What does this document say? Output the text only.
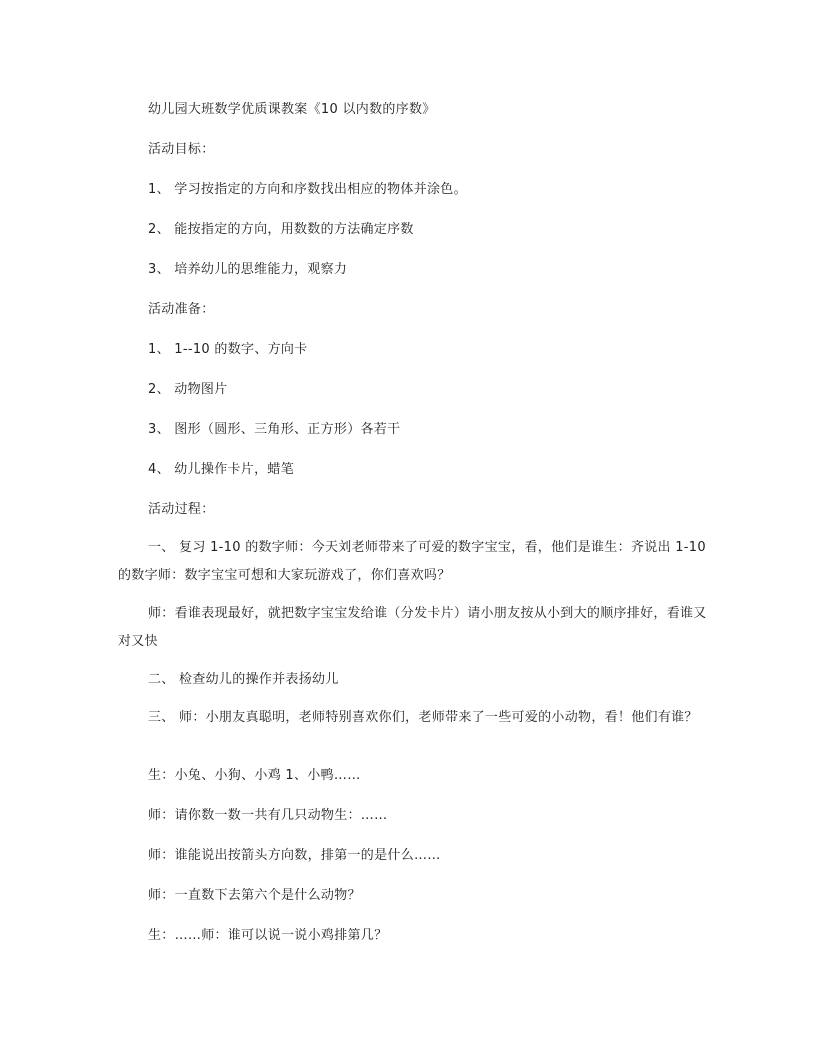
幼儿园大班数学优质课教案《10 以内数的序数》
活动目标：
1、 学习按指定的方向和序数找出相应的物体并涂色。
2、 能按指定的方向，用数数的方法确定序数
3、 培养幼儿的思维能力，观察力
活动准备：
1、 1--10 的数字、方向卡
2、 动物图片
3、 图形（圆形、三角形、正方形）各若干
4、 幼儿操作卡片，蜡笔
活动过程：
一、 复习 1-10 的数字师：今天刘老师带来了可爱的数字宝宝，看，他们是谁生：齐说出 1-10 的数字师：数字宝宝可想和大家玩游戏了，你们喜欢吗？
师：看谁表现最好，就把数字宝宝发给谁（分发卡片）请小朋友按从小到大的顺序排好，看谁又对又快
二、 检查幼儿的操作并表扬幼儿
三、 师：小朋友真聪明，老师特别喜欢你们，老师带来了一些可爱的小动物，看！他们有谁？
生：小兔、小狗、小鸡 1、小鸭……
师：请你数一数一共有几只动物生：……
师：谁能说出按箭头方向数，排第一的是什么……
师：一直数下去第六个是什么动物？
生：……师：谁可以说一说小鸡排第几？
